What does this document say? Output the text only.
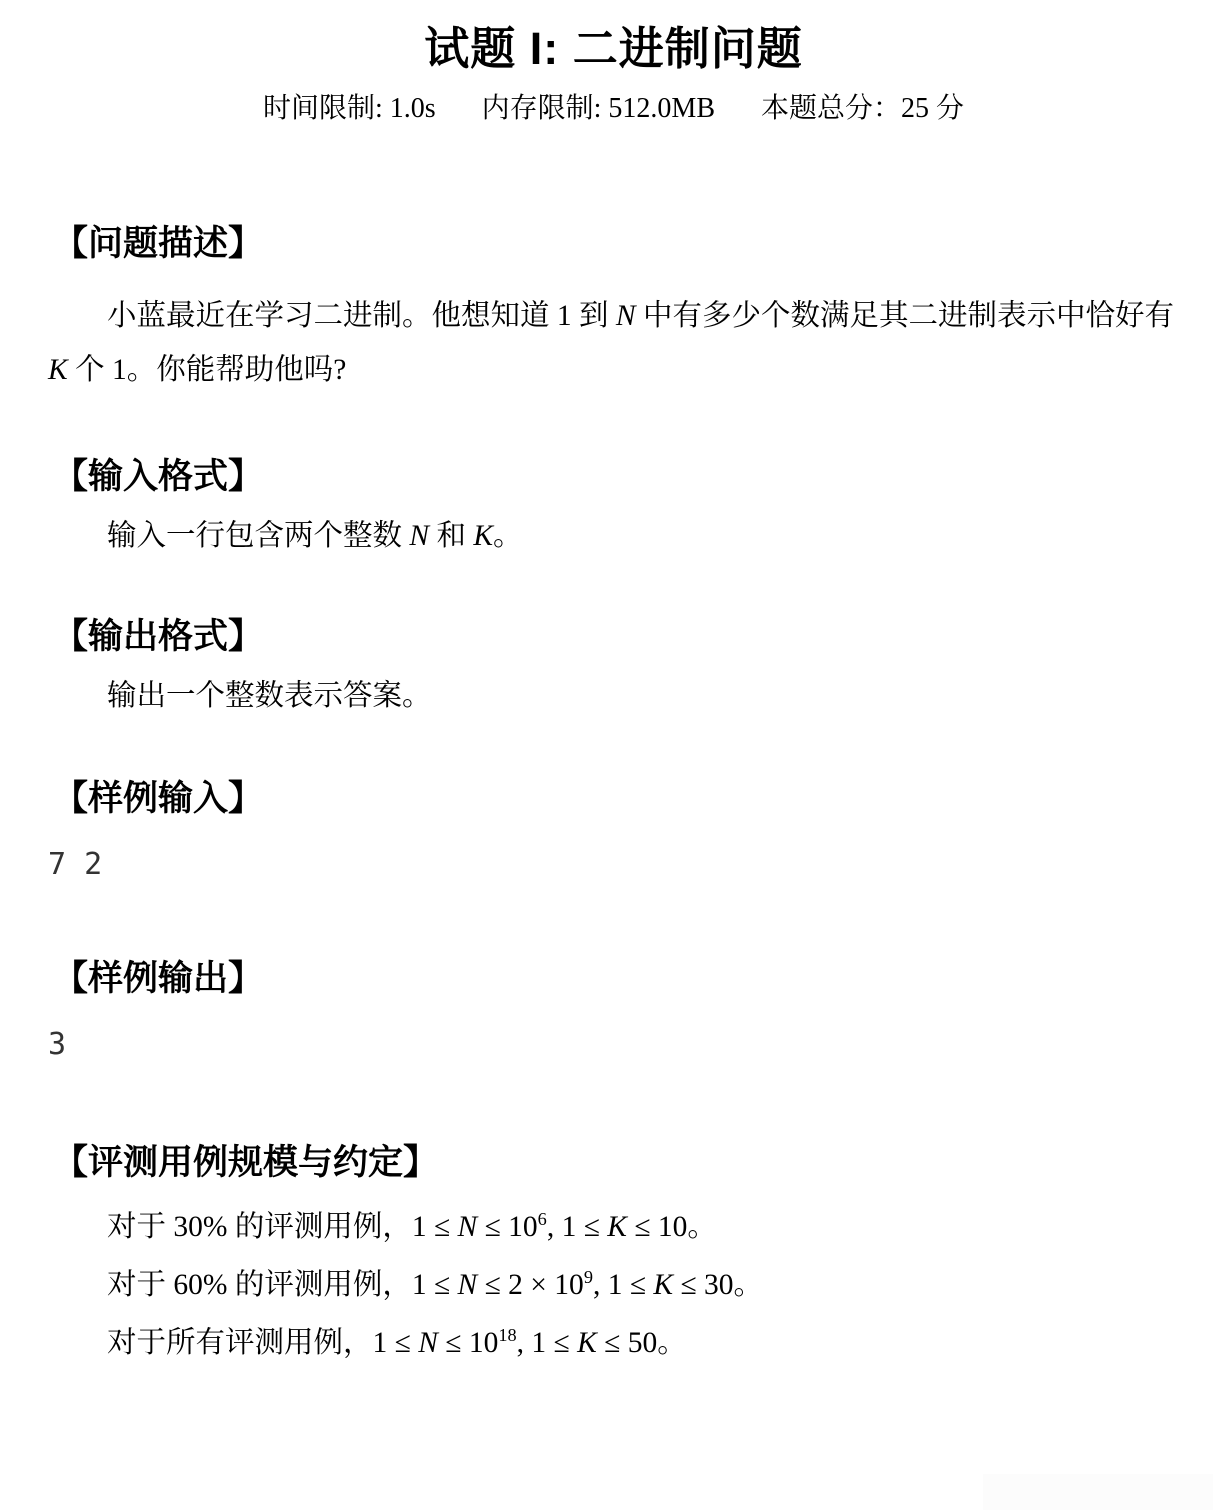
试题 I: 二进制问题
时间限制: 1.0s 内存限制: 512.0MB 本题总分：25 分
【问题描述】

小蓝最近在学习二进制。他想知道 1 到 N 中有多少个数满足其二进制表示中恰好有 K 个 1。你能帮助他吗?

【输入格式】

输入一行包含两个整数 N 和 K。

【输出格式】

输出一个整数表示答案。

【样例输入】
7 2
【样例输出】
3
【评测用例规模与约定】

对于 30% 的评测用例，$1 \le N \le 10^6$, 1 ≤ K ≤ 10。

对于 60% 的评测用例，$1 \le N \le 2 \times 10^9$, 1 ≤ K ≤ 30。

对于所有评测用例，$1 \le N \le 10^{18}$, 1 ≤ K ≤ 50。
